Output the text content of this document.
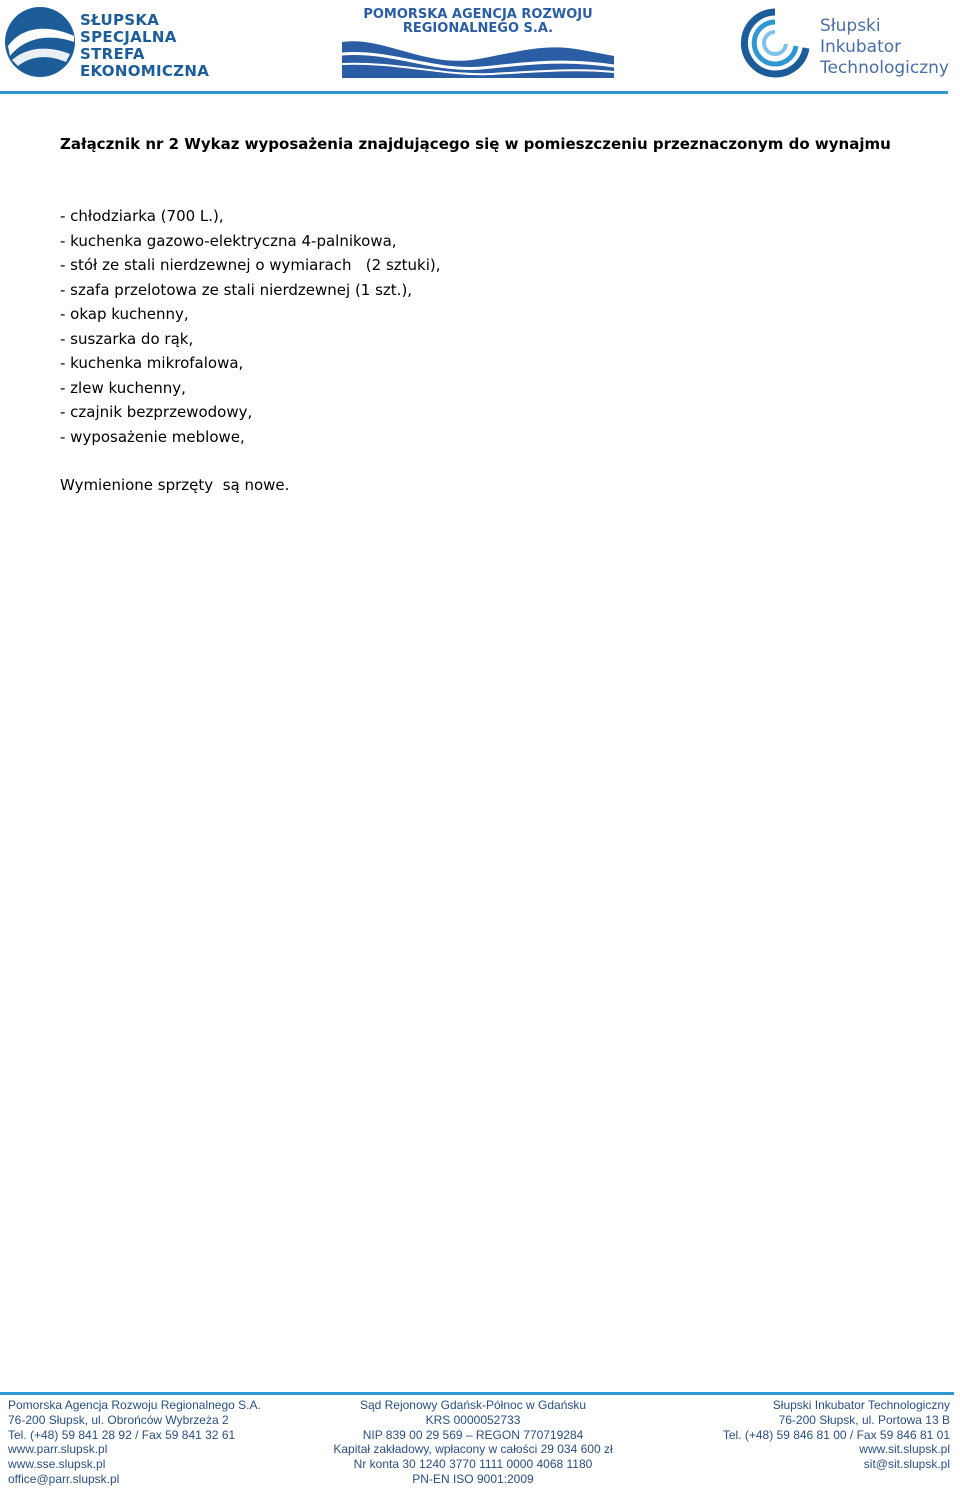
SŁUPSKA
SPECJALNA
STREFA
EKONOMICZNA
POMORSKA AGENCJA ROZWOJU
REGIONALNEGO S.A.	Słupski
Inkubator
Technologiczny
Załącznik nr 2 Wykaz wyposażenia znajdującego się w pomieszczeniu przeznaczonym do wynajmu
- chłodziarka (700 L.),
- kuchenka gazowo-elektryczna 4-palnikowa,
- stół ze stali nierdzewnej o wymiarach   (2 sztuki),
- szafa przelotowa ze stali nierdzewnej (1 szt.),
- okap kuchenny,
- suszarka do rąk,
- kuchenka mikrofalowa,
- zlew kuchenny,
- czajnik bezprzewodowy,
- wyposażenie meblowe,
Wymienione sprzęty  są nowe.
Pomorska Agencja Rozwoju Regionalnego S.A.
76-200 Słupsk, ul. Obrońców Wybrzeża 2
Tel. (+48) 59 841 28 92 / Fax 59 841 32 61
www.parr.slupsk.pl
www.sse.slupsk.pl
office@parr.slupsk.pl
Sąd Rejonowy Gdańsk-Północ w Gdańsku
KRS 0000052733
NIP 839 00 29 569 – REGON 770719284
Kapitał zakładowy, wpłacony w całości 29 034 600 zł
Nr konta 30 1240 3770 1111 0000 4068 1180
PN-EN ISO 9001:2009
Słupski Inkubator Technologiczny
76-200 Słupsk, ul. Portowa 13 B
Tel. (+48) 59 846 81 00 / Fax 59 846 81 01
www.sit.slupsk.pl
sit@sit.slupsk.pl
